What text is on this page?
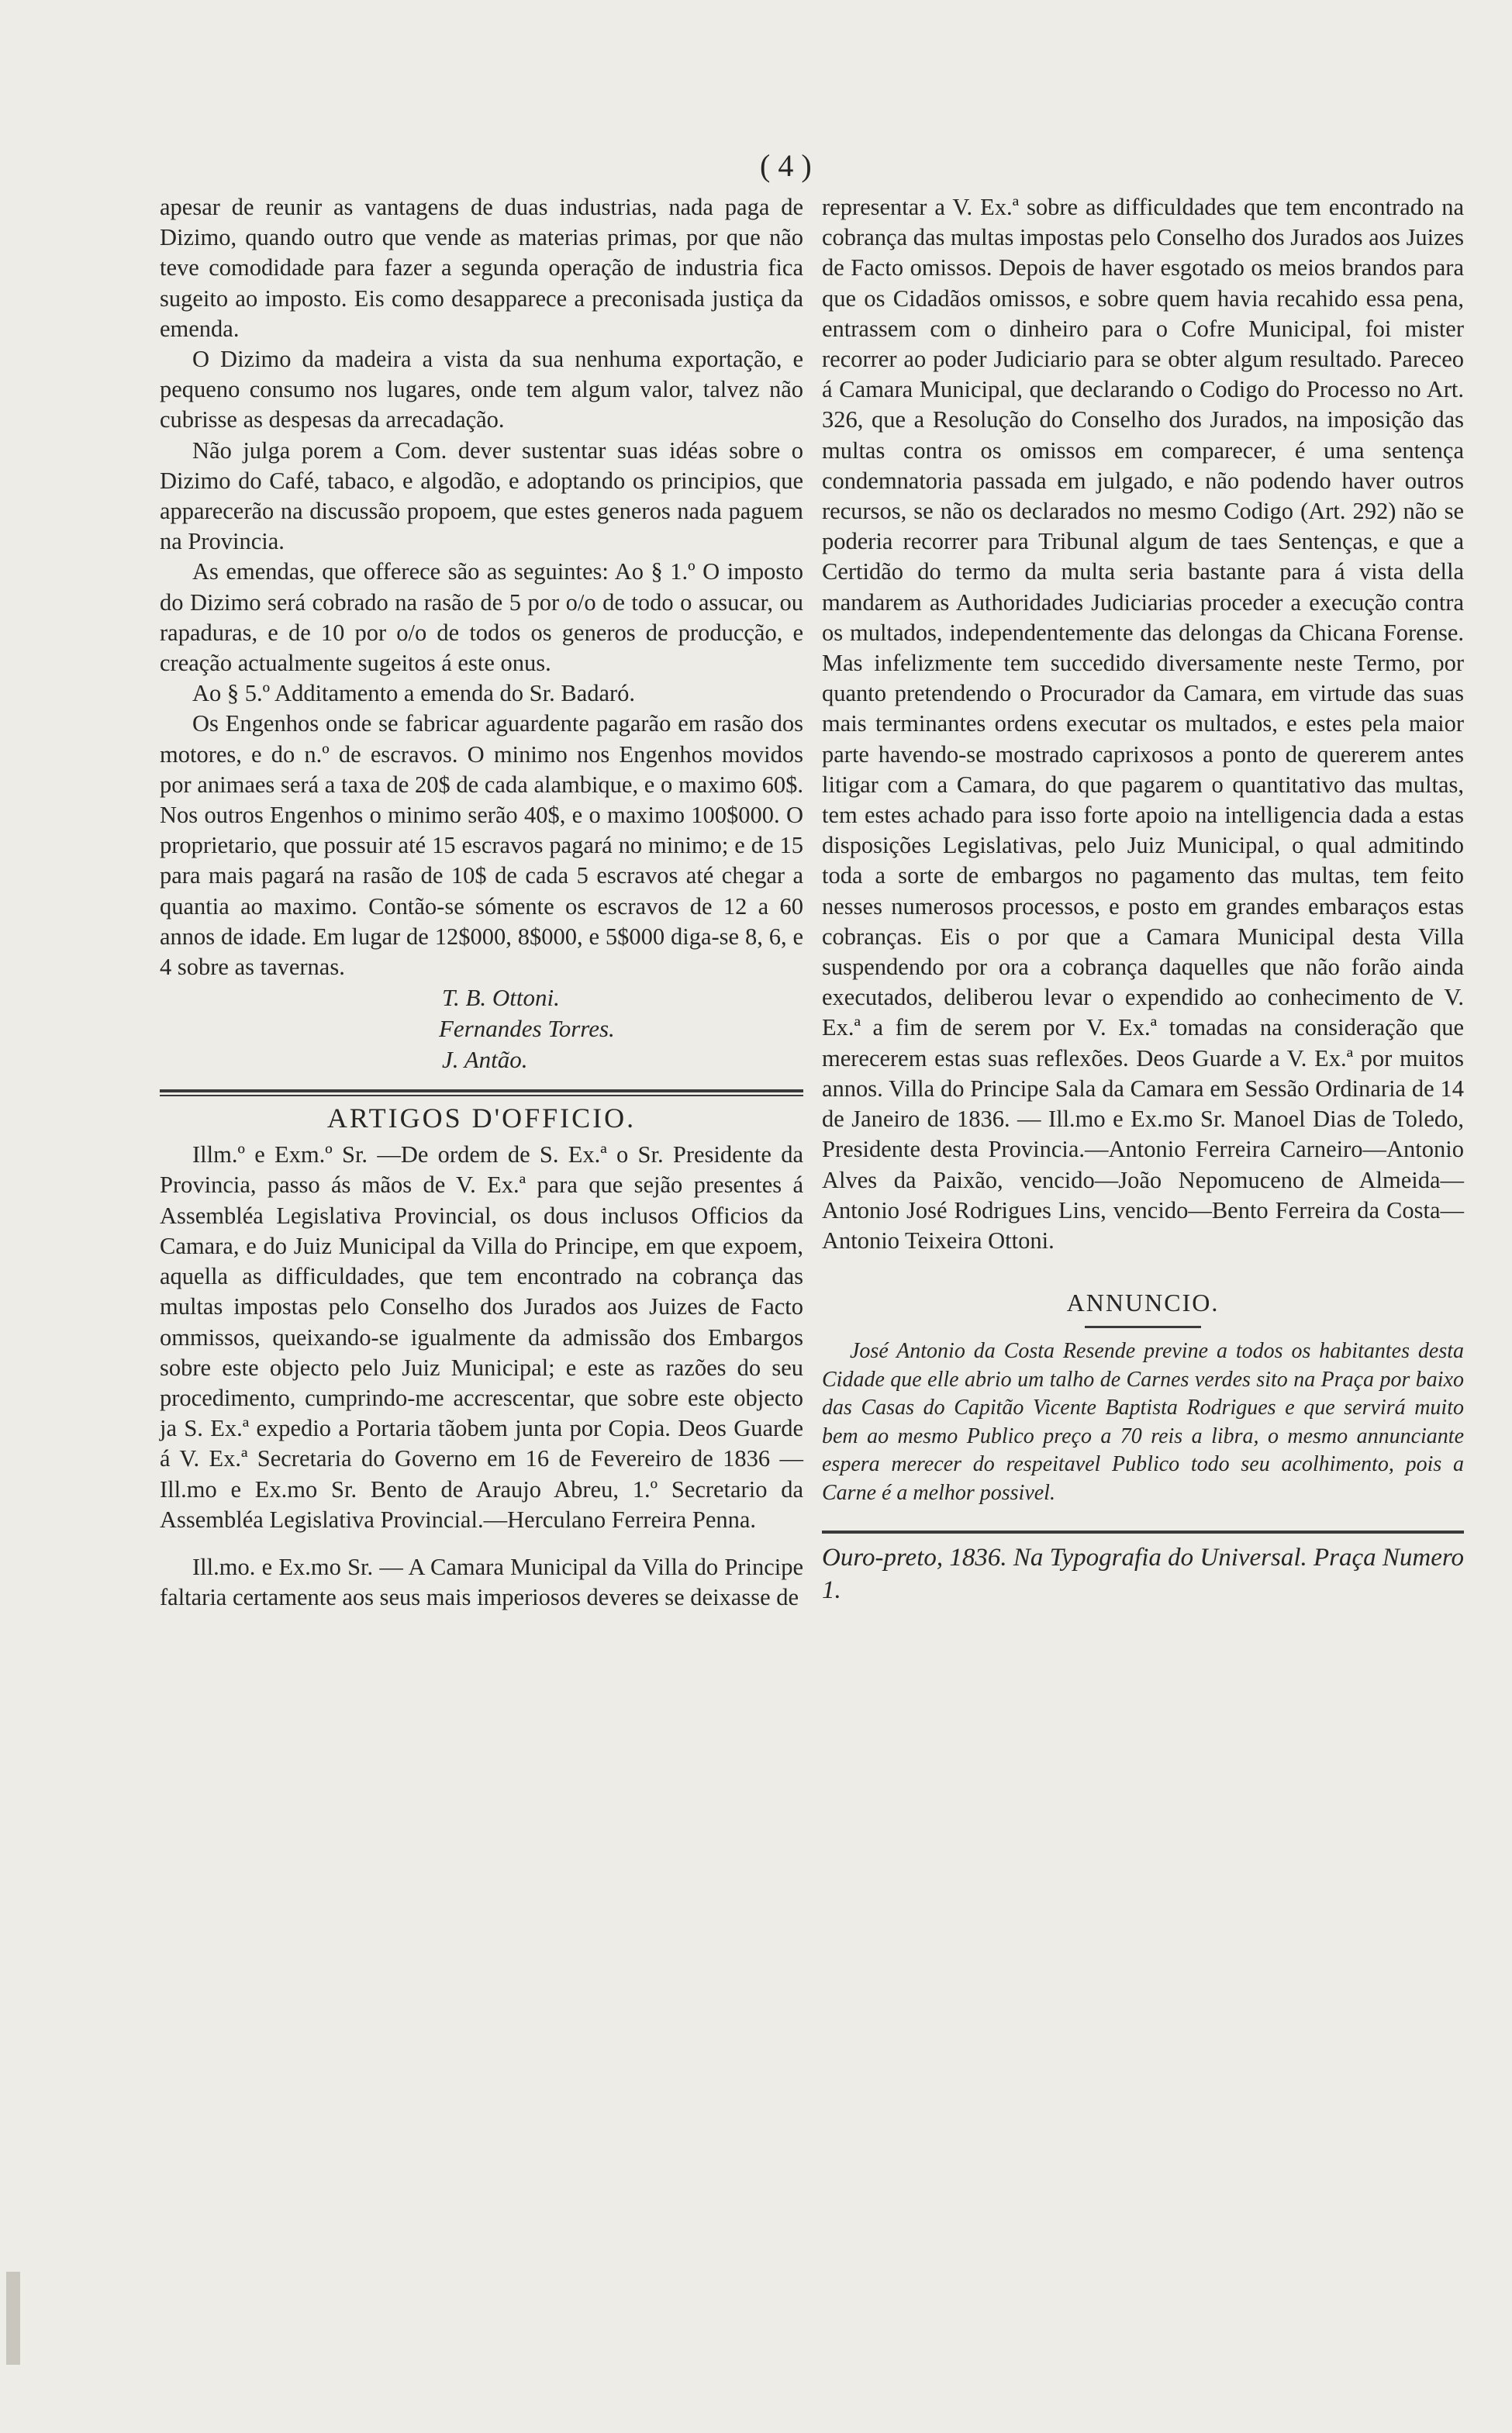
( 4 )

apesar de reunir as vantagens de duas industrias, nada paga de Dizimo, quando outro que vende as materias primas, por que não teve comodidade para fazer a segunda operação de industria fica sugeito ao imposto. Eis como desapparece a preconisada justiça da emenda.

O Dizimo da madeira a vista da sua nenhuma exportação, e pequeno consumo nos lugares, onde tem algum valor, talvez não cubrisse as despesas da arrecadação.

Não julga porem a Com. dever sustentar suas idéas sobre o Dizimo do Café, tabaco, e algodão, e adoptando os principios, que apparecerão na discussão propoem, que estes generos nada paguem na Provincia.

As emendas, que offerece são as seguintes: Ao § 1.º O imposto do Dizimo será cobrado na rasão de 5 por o/o de todo o assucar, ou rapaduras, e de 10 por o/o de todos os generos de producção, e creação actualmente sugeitos á este onus.

Ao § 5.º Additamento a emenda do Sr. Badaró.

Os Engenhos onde se fabricar aguardente pagarão em rasão dos motores, e do n.º de escravos. O minimo nos Engenhos movidos por animaes será a taxa de 20$ de cada alambique, e o maximo 60$. Nos outros Engenhos o minimo serão 40$, e o maximo 100$000. O proprietario, que possuir até 15 escravos pagará no minimo; e de 15 para mais pagará na rasão de 10$ de cada 5 escravos até chegar a quantia ao maximo. Contão-se sómente os escravos de 12 a 60 annos de idade. Em lugar de 12$000, 8$000, e 5$000 diga-se 8, 6, e 4 sobre as tavernas.

T. B. Ottoni.
Fernandes Torres.
J. Antão.
ARTIGOS D'OFFICIO.

Illm.º e Exm.º Sr. —De ordem de S. Ex.ª o Sr. Presidente da Provincia, passo ás mãos de V. Ex.ª para que sejão presentes á Assembléa Legislativa Provincial, os dous inclusos Officios da Camara, e do Juiz Municipal da Villa do Principe, em que expoem, aquella as difficuldades, que tem encontrado na cobrança das multas impostas pelo Conselho dos Jurados aos Juizes de Facto ommissos, queixando-se igualmente da admissão dos Embargos sobre este objecto pelo Juiz Municipal; e este as razões do seu procedimento, cumprindo-me accrescentar, que sobre este objecto ja S. Ex.ª expedio a Portaria tãobem junta por Copia. Deos Guarde á V. Ex.ª Secretaria do Governo em 16 de Fevereiro de 1836 —Ill.mo e Ex.mo Sr. Bento de Araujo Abreu, 1.º Secretario da Assembléa Legislativa Provincial.—Herculano Ferreira Penna.

Ill.mo. e Ex.mo Sr. — A Camara Municipal da Villa do Principe faltaria certamente aos seus mais imperiosos deveres se deixasse de

representar a V. Ex.ª sobre as difficuldades que tem encontrado na cobrança das multas impostas pelo Conselho dos Jurados aos Juizes de Facto omissos. Depois de haver esgotado os meios brandos para que os Cidadãos omissos, e sobre quem havia recahido essa pena, entrassem com o dinheiro para o Cofre Municipal, foi mister recorrer ao poder Judiciario para se obter algum resultado. Pareceo á Camara Municipal, que declarando o Codigo do Processo no Art. 326, que a Resolução do Conselho dos Jurados, na imposição das multas contra os omissos em comparecer, é uma sentença condemnatoria passada em julgado, e não podendo haver outros recursos, se não os declarados no mesmo Codigo (Art. 292) não se poderia recorrer para Tribunal algum de taes Sentenças, e que a Certidão do termo da multa seria bastante para á vista della mandarem as Authoridades Judiciarias proceder a execução contra os multados, independentemente das delongas da Chicana Forense. Mas infelizmente tem succedido diversamente neste Termo, por quanto pretendendo o Procurador da Camara, em virtude das suas mais terminantes ordens executar os multados, e estes pela maior parte havendo-se mostrado caprixosos a ponto de quererem antes litigar com a Camara, do que pagarem o quantitativo das multas, tem estes achado para isso forte apoio na intelligencia dada a estas disposições Legislativas, pelo Juiz Municipal, o qual admitindo toda a sorte de embargos no pagamento das multas, tem feito nesses numerosos processos, e posto em grandes embaraços estas cobranças. Eis o por que a Camara Municipal desta Villa suspendendo por ora a cobrança daquelles que não forão ainda executados, deliberou levar o expendido ao conhecimento de V. Ex.ª a fim de serem por V. Ex.ª tomadas na consideração que merecerem estas suas reflexões. Deos Guarde a V. Ex.ª por muitos annos. Villa do Principe Sala da Camara em Sessão Ordinaria de 14 de Janeiro de 1836. — Ill.mo e Ex.mo Sr. Manoel Dias de Toledo, Presidente desta Provincia.—Antonio Ferreira Carneiro—Antonio Alves da Paixão, vencido—João Nepomuceno de Almeida—Antonio José Rodrigues Lins, vencido—Bento Ferreira da Costa— Antonio Teixeira Ottoni.

ANNUNCIO.

José Antonio da Costa Resende previne a todos os habitantes desta Cidade que elle abrio um talho de Carnes verdes sito na Praça por baixo das Casas do Capitão Vicente Baptista Rodrigues e que servirá muito bem ao mesmo Publico preço a 70 reis a libra, o mesmo annunciante espera merecer do respeitavel Publico todo seu acolhimento, pois a Carne é a melhor possivel.

Ouro-preto, 1836. Na Typografia do Universal. Praça Numero 1.
